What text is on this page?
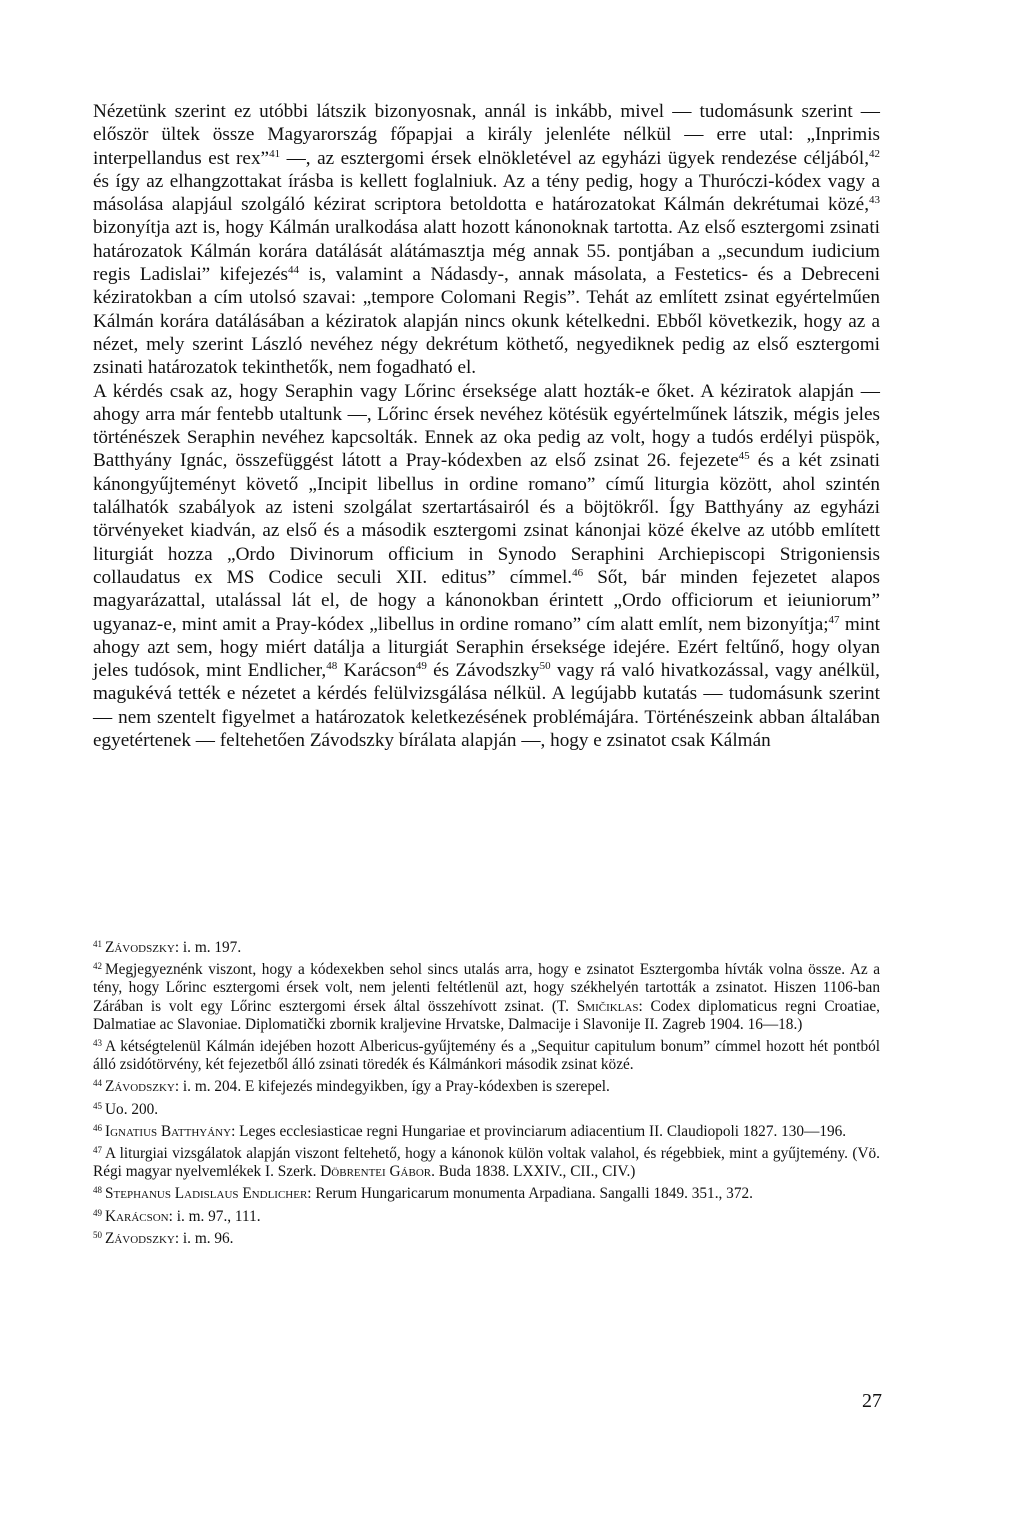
Nézetünk szerint ez utóbbi látszik bizonyosnak, annál is inkább, mivel — tudomásunk szerint — először ültek össze Magyarország főpapjai a király jelenléte nélkül — erre utal: „Inprimis interpellandus est rex”$^{41}$ —, az esztergomi érsek elnökletével az egyházi ügyek rendezése céljából,$^{42}$ és így az elhangzottakat írásba is kellett foglalniuk. Az a tény pedig, hogy a Thuróczi-kódex vagy a másolása alapjául szolgáló kézirat scriptora betoldotta e határozatokat Kálmán dekrétumai közé,$^{43}$ bizonyítja azt is, hogy Kálmán uralkodása alatt hozott kánonoknak tartotta. Az első esztergomi zsinati határozatok Kálmán korára datálását alátámasztja még annak 55. pontjában a „secundum iudicium regis Ladislai” kifejezés$^{44}$ is, valamint a Nádasdy-, annak másolata, a Festetics- és a Debreceni kéziratokban a cím utolsó szavai: „tempore Colomani Regis”. Tehát az említett zsinat egyértelműen Kálmán korára datálásában a kéziratok alapján nincs okunk kételkedni. Ebből következik, hogy az a nézet, mely szerint László nevéhez négy dekrétum köthető, negyediknek pedig az első esztergomi zsinati határozatok tekinthetők, nem fogadható el.

A kérdés csak az, hogy Seraphin vagy Lőrinc érseksége alatt hozták-e őket. A kéziratok alapján — ahogy arra már fentebb utaltunk —, Lőrinc érsek nevéhez kötésük egyértelműnek látszik, mégis jeles történészek Seraphin nevéhez kapcsolták. Ennek az oka pedig az volt, hogy a tudós erdélyi püspök, Batthyány Ignác, összefüggést látott a Pray-kódexben az első zsinat 26. fejezete$^{45}$ és a két zsinati kánongyűjteményt követő „Incipit libellus in ordine romano” című liturgia között, ahol szintén találhatók szabályok az isteni szolgálat szertartásairól és a böjtökről. Így Batthyány az egyházi törvényeket kiadván, az első és a második esztergomi zsinat kánonjai közé ékelve az utóbb említett liturgiát hozza „Ordo Divinorum officium in Synodo Seraphini Archiepiscopi Strigoniensis collaudatus ex MS Codice seculi XII. editus” címmel.$^{46}$ Sőt, bár minden fejezetet alapos magyarázattal, utalással lát el, de hogy a kánonokban érintett „Ordo officiorum et ieiuniorum” ugyanaz-e, mint amit a Pray-kódex „libellus in ordine romano” cím alatt említ, nem bizonyítja;$^{47}$ mint ahogy azt sem, hogy miért datálja a liturgiát Seraphin érseksége idejére. Ezért feltűnő, hogy olyan jeles tudósok, mint Endlicher,$^{48}$ Karácson$^{49}$ és Závodszky$^{50}$ vagy rá való hivatkozással, vagy anélkül, magukévá tették e nézetet a kérdés felülvizsgálása nélkül. A legújabb kutatás — tudomásunk szerint — nem szentelt figyelmet a határozatok keletkezésének problémájára. Történészeink abban általában egyetértenek — feltehetően Závodszky bírálata alapján —, hogy e zsinatot csak Kálmán

$^{41}$ Závodszky: i. m. 197.

$^{42}$ Megjegyeznénk viszont, hogy a kódexekben sehol sincs utalás arra, hogy e zsinatot Esztergomba hívták volna össze. Az a tény, hogy Lőrinc esztergomi érsek volt, nem jelenti feltétlenül azt, hogy székhelyén tartották a zsinatot. Hiszen 1106-ban Zárában is volt egy Lőrinc esztergomi érsek által összehívott zsinat. (T. Smičiklas: Codex diplomaticus regni Croatiae, Dalmatiae ac Slavoniae. Diplomatički zbornik kraljevine Hrvatske, Dalmacije i Slavonije II. Zagreb 1904. 16—18.)

$^{43}$ A kétségtelenül Kálmán idejében hozott Albericus-gyűjtemény és a „Sequitur capitulum bonum” címmel hozott hét pontból álló zsidótörvény, két fejezetből álló zsinati töredék és Kálmánkori második zsinat közé.

$^{44}$ Závodszky: i. m. 204. E kifejezés mindegyikben, így a Pray-kódexben is szerepel.

$^{45}$ Uo. 200.

$^{46}$ Ignatius Batthyány: Leges ecclesiasticae regni Hungariae et provinciarum adiacentium II. Claudiopoli 1827. 130—196.

$^{47}$ A liturgiai vizsgálatok alapján viszont feltehető, hogy a kánonok külön voltak valahol, és régebbiek, mint a gyűjtemény. (Vö. Régi magyar nyelvemlékek I. Szerk. Döbrentei Gábor. Buda 1838. LXXIV., CII., CIV.)

$^{48}$ Stephanus Ladislaus Endlicher: Rerum Hungaricarum monumenta Arpadiana. Sangalli 1849. 351., 372.

$^{49}$ Karácson: i. m. 97., 111.

$^{50}$ Závodszky: i. m. 96.

27
